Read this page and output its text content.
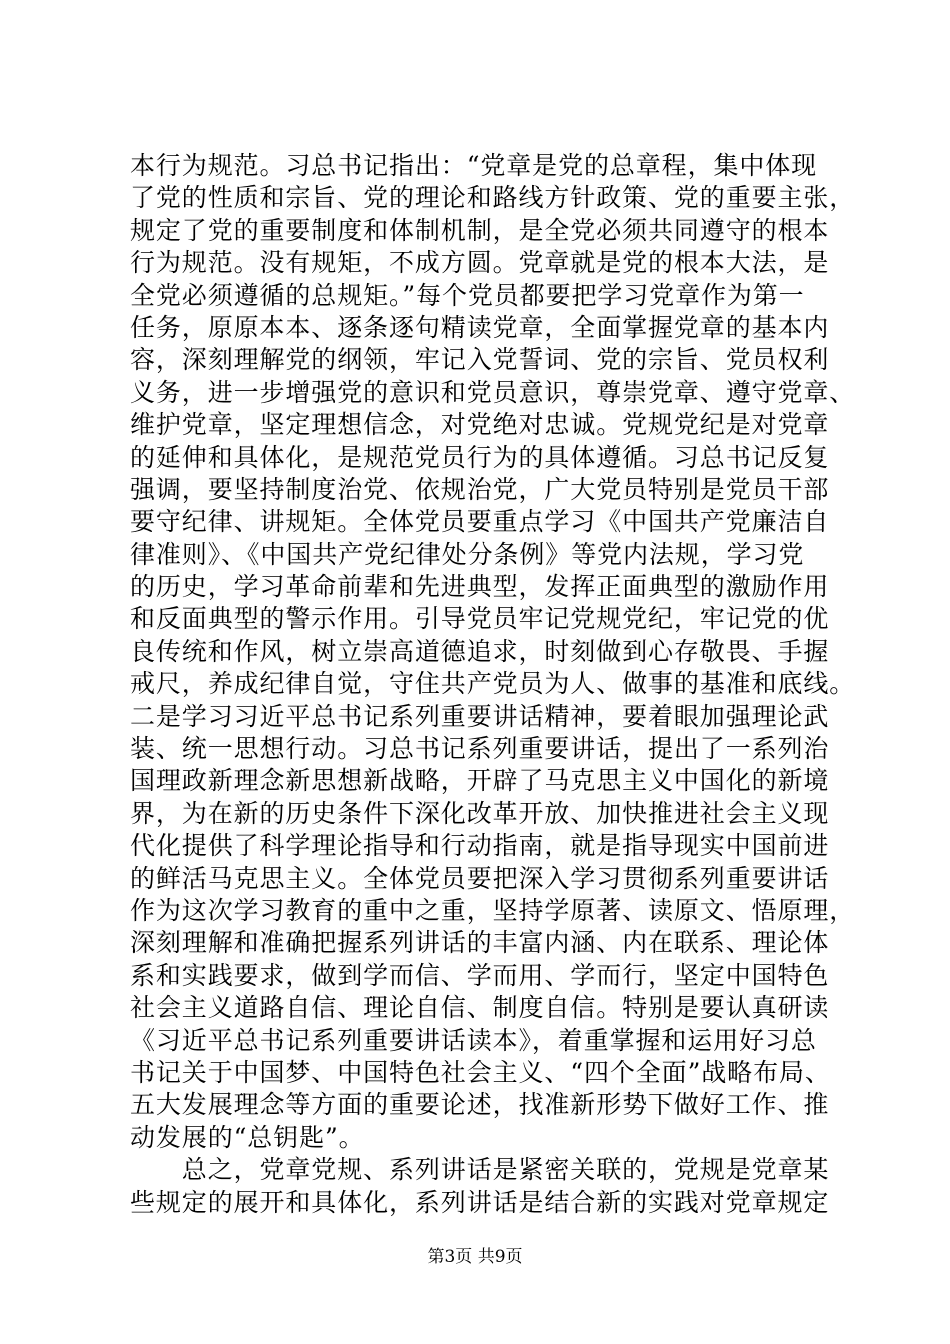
本行为规范。习总书记指出：“党章是党的总章程，集中体现
了党的性质和宗旨、党的理论和路线方针政策、党的重要主张，
规定了党的重要制度和体制机制，是全党必须共同遵守的根本
行为规范。没有规矩，不成方圆。党章就是党的根本大法，是
全党必须遵循的总规矩。”每个党员都要把学习党章作为第一
任务，原原本本、逐条逐句精读党章，全面掌握党章的基本内
容，深刻理解党的纲领，牢记入党誓词、党的宗旨、党员权利
义务，进一步增强党的意识和党员意识，尊崇党章、遵守党章、
维护党章，坚定理想信念，对党绝对忠诚。党规党纪是对党章
的延伸和具体化，是规范党员行为的具体遵循。习总书记反复
强调，要坚持制度治党、依规治党，广大党员特别是党员干部
要守纪律、讲规矩。全体党员要重点学习《中国共产党廉洁自
律准则》、《中国共产党纪律处分条例》等党内法规，学习党
的历史，学习革命前辈和先进典型，发挥正面典型的激励作用
和反面典型的警示作用。引导党员牢记党规党纪，牢记党的优
良传统和作风，树立崇高道德追求，时刻做到心存敬畏、手握
戒尺，养成纪律自觉，守住共产党员为人、做事的基准和底线。
二是学习习近平总书记系列重要讲话精神，要着眼加强理论武
装、统一思想行动。习总书记系列重要讲话，提出了一系列治
国理政新理念新思想新战略，开辟了马克思主义中国化的新境
界，为在新的历史条件下深化改革开放、加快推进社会主义现
代化提供了科学理论指导和行动指南，就是指导现实中国前进
的鲜活马克思主义。全体党员要把深入学习贯彻系列重要讲话
作为这次学习教育的重中之重，坚持学原著、读原文、悟原理，
深刻理解和准确把握系列讲话的丰富内涵、内在联系、理论体
系和实践要求，做到学而信、学而用、学而行，坚定中国特色
社会主义道路自信、理论自信、制度自信。特别是要认真研读
《习近平总书记系列重要讲话读本》，着重掌握和运用好习总
书记关于中国梦、中国特色社会主义、“四个全面”战略布局、
五大发展理念等方面的重要论述，找准新形势下做好工作、推
动发展的“总钥匙”。
　　总之，党章党规、系列讲话是紧密关联的，党规是党章某
些规定的展开和具体化，系列讲话是结合新的实践对党章规定
第3页 共9页
